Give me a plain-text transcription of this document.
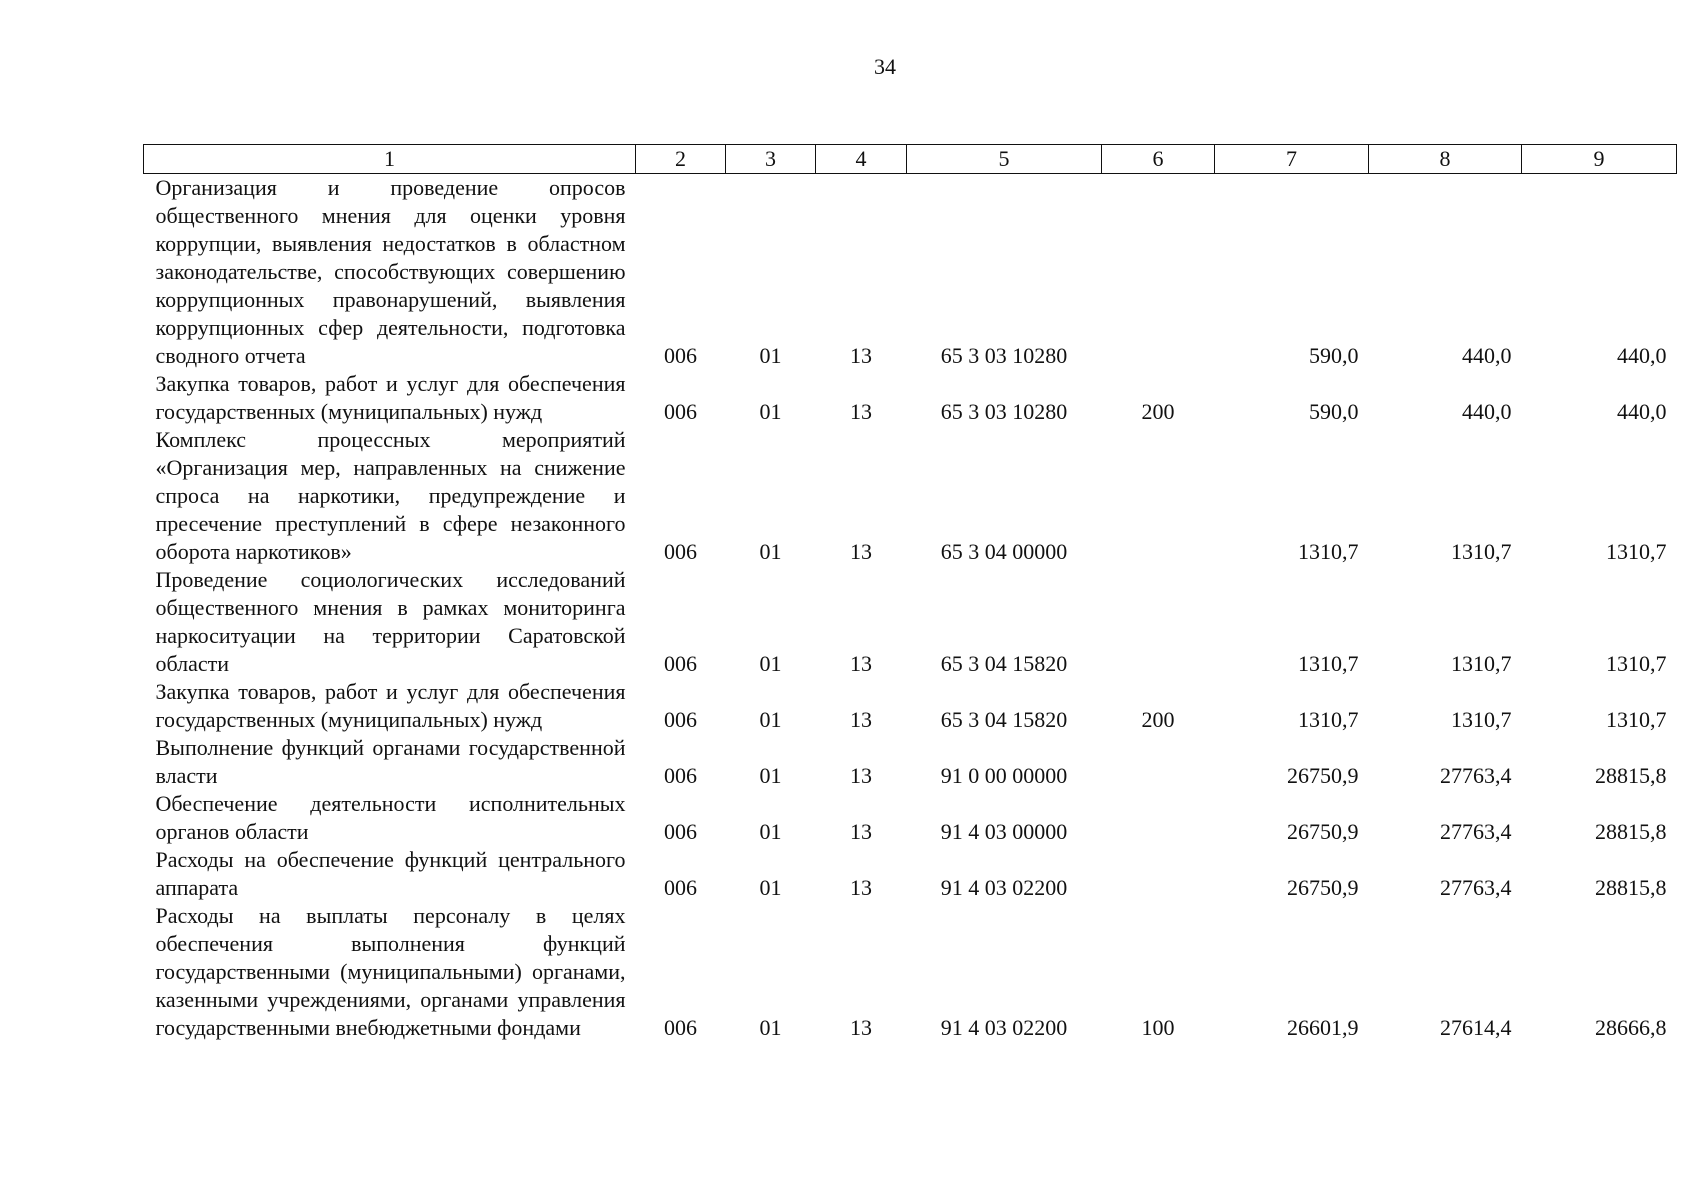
34
1	2	3	4	5	6	7	8	9
Организация и проведение опросов общественного мнения для оценки уровня коррупции, выявления недостатков в областном законодательстве, способствующих совершению коррупционных правонарушений, выявления коррупционных сфер деятельности, подготовка сводного отчета	006	01	13	65 3 03 10280		590,0	440,0	440,0
Закупка товаров, работ и услуг для обеспечения государственных (муниципальных) нужд	006	01	13	65 3 03 10280	200	590,0	440,0	440,0
Комплекс процессных мероприятий «Организация мер, направленных на снижение спроса на наркотики, предупреждение и пресечение преступлений в сфере незаконного оборота наркотиков»	006	01	13	65 3 04 00000		1310,7	1310,7	1310,7
Проведение социологических исследований общественного мнения в рамках мониторинга наркоситуации на территории Саратовской области	006	01	13	65 3 04 15820		1310,7	1310,7	1310,7
Закупка товаров, работ и услуг для обеспечения государственных (муниципальных) нужд	006	01	13	65 3 04 15820	200	1310,7	1310,7	1310,7
Выполнение функций органами государственной власти	006	01	13	91 0 00 00000		26750,9	27763,4	28815,8
Обеспечение деятельности исполнительных органов области	006	01	13	91 4 03 00000		26750,9	27763,4	28815,8
Расходы на обеспечение функций центрального аппарата	006	01	13	91 4 03 02200		26750,9	27763,4	28815,8
Расходы на выплаты персоналу в целях обеспечения выполнения функций государственными (муниципальными) органами, казенными учреждениями, органами управления государственными внебюджетными фондами	006	01	13	91 4 03 02200	100	26601,9	27614,4	28666,8
